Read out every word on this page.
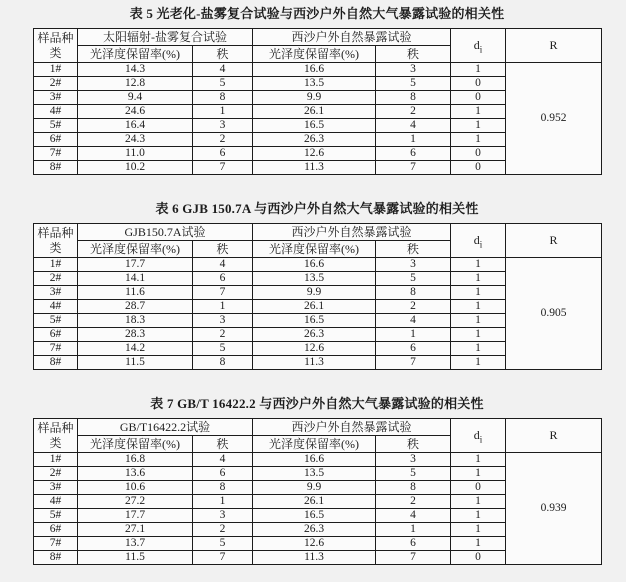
表 5 光老化-盐雾复合试验与西沙户外自然大气暴露试验的相关性
样品种类	太阳辐射-盐雾复合试验		西沙户外自然暴露试验		$d_i$	R
	光泽度保留率(%)	秩	光泽度保留率(%)	秩		
1#	14.3	4	16.6	3	1	0.952
2#	12.8	5	13.5	5	0	
3#	9.4	8	9.9	8	0	
4#	24.6	1	26.1	2	1	
5#	16.4	3	16.5	4	1	
6#	24.3	2	26.3	1	1	
7#	11.0	6	12.6	6	0	
8#	10.2	7	11.3	7	0	
表 6 GJB 150.7A 与西沙户外自然大气暴露试验的相关性
样品种类	GJB150.7A试验		西沙户外自然暴露试验		$d_i$	R
	光泽度保留率(%)	秩	光泽度保留率(%)	秩		
1#	17.7	4	16.6	3	1	0.905
2#	14.1	6	13.5	5	1	
3#	11.6	7	9.9	8	1	
4#	28.7	1	26.1	2	1	
5#	18.3	3	16.5	4	1	
6#	28.3	2	26.3	1	1	
7#	14.2	5	12.6	6	1	
8#	11.5	8	11.3	7	1	
表 7 GB/T 16422.2 与西沙户外自然大气暴露试验的相关性
样品种类	GB/T16422.2试验		西沙户外自然暴露试验		$d_i$	R
	光泽度保留率(%)	秩	光泽度保留率(%)	秩		
1#	16.8	4	16.6	3	1	0.939
2#	13.6	6	13.5	5	1	
3#	10.6	8	9.9	8	0	
4#	27.2	1	26.1	2	1	
5#	17.7	3	16.5	4	1	
6#	27.1	2	26.3	1	1	
7#	13.7	5	12.6	6	1	
8#	11.5	7	11.3	7	0	
